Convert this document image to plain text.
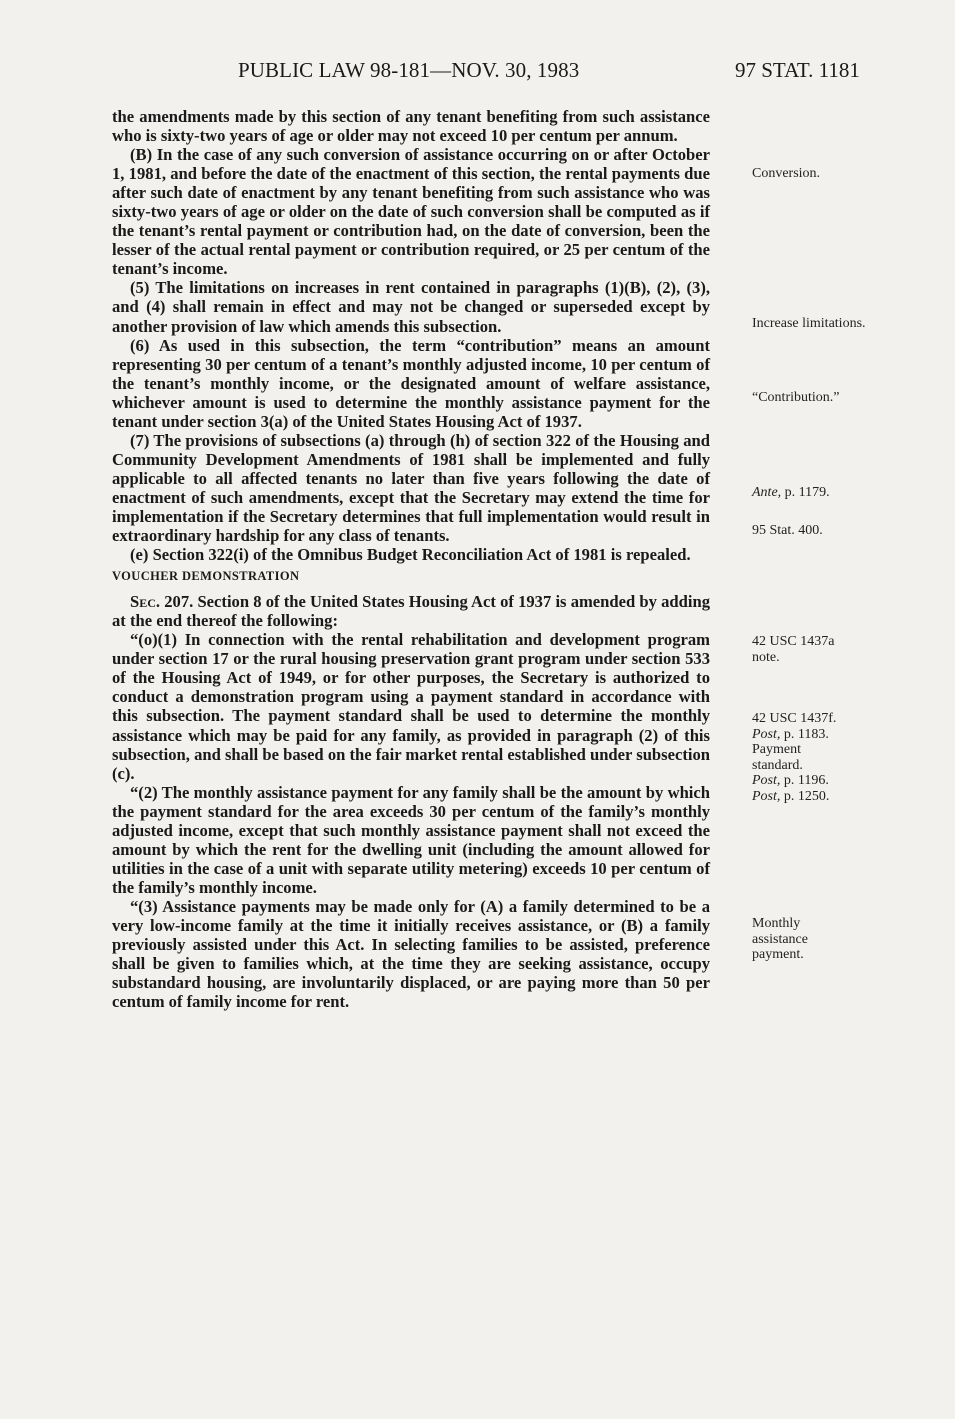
PUBLIC LAW 98-181—NOV. 30, 1983	97 STAT. 1181

the amendments made by this section of any tenant benefiting from such assistance who is sixty-two years of age or older may not exceed 10 per centum per annum.

(B) In the case of any such conversion of assistance occurring on or after October 1, 1981, and before the date of the enactment of this section, the rental payments due after such date of enactment by any tenant benefiting from such assistance who was sixty-two years of age or older on the date of such conversion shall be computed as if the tenant’s rental payment or contribution had, on the date of conversion, been the lesser of the actual rental payment or contribution required, or 25 per centum of the tenant’s income.

(5) The limitations on increases in rent contained in paragraphs (1)(B), (2), (3), and (4) shall remain in effect and may not be changed or superseded except by another provision of law which amends this subsection.

(6) As used in this subsection, the term “contribution” means an amount representing 30 per centum of a tenant’s monthly adjusted income, 10 per centum of the tenant’s monthly income, or the designated amount of welfare assistance, whichever amount is used to determine the monthly assistance payment for the tenant under section 3(a) of the United States Housing Act of 1937.

(7) The provisions of subsections (a) through (h) of section 322 of the Housing and Community Development Amendments of 1981 shall be implemented and fully applicable to all affected tenants no later than five years following the date of enactment of such amendments, except that the Secretary may extend the time for implementation if the Secretary determines that full implementation would result in extraordinary hardship for any class of tenants.

(e) Section 322(i) of the Omnibus Budget Reconciliation Act of 1981 is repealed.

VOUCHER DEMONSTRATION

Sec. 207. Section 8 of the United States Housing Act of 1937 is amended by adding at the end thereof the following:

“(o)(1) In connection with the rental rehabilitation and development program under section 17 or the rural housing preservation grant program under section 533 of the Housing Act of 1949, or for other purposes, the Secretary is authorized to conduct a demonstration program using a payment standard in accordance with this subsection. The payment standard shall be used to determine the monthly assistance which may be paid for any family, as provided in paragraph (2) of this subsection, and shall be based on the fair market rental established under subsection (c).

“(2) The monthly assistance payment for any family shall be the amount by which the payment standard for the area exceeds 30 per centum of the family’s monthly adjusted income, except that such monthly assistance payment shall not exceed the amount by which the rent for the dwelling unit (including the amount allowed for utilities in the case of a unit with separate utility metering) exceeds 10 per centum of the family’s monthly income.

“(3) Assistance payments may be made only for (A) a family determined to be a very low-income family at the time it initially receives assistance, or (B) a family previously assisted under this Act. In selecting families to be assisted, preference shall be given to families which, at the time they are seeking assistance, occupy substandard housing, are involuntarily displaced, or are paying more than 50 per centum of family income for rent.

Conversion.
Increase limitations.
“Contribution.”
Ante, p. 1179.
95 Stat. 400.
42 USC 1437a note.
42 USC 1437f.
Post, p. 1183.
Payment standard.
Post, p. 1196.
Post, p. 1250.
Monthly assistance payment.
